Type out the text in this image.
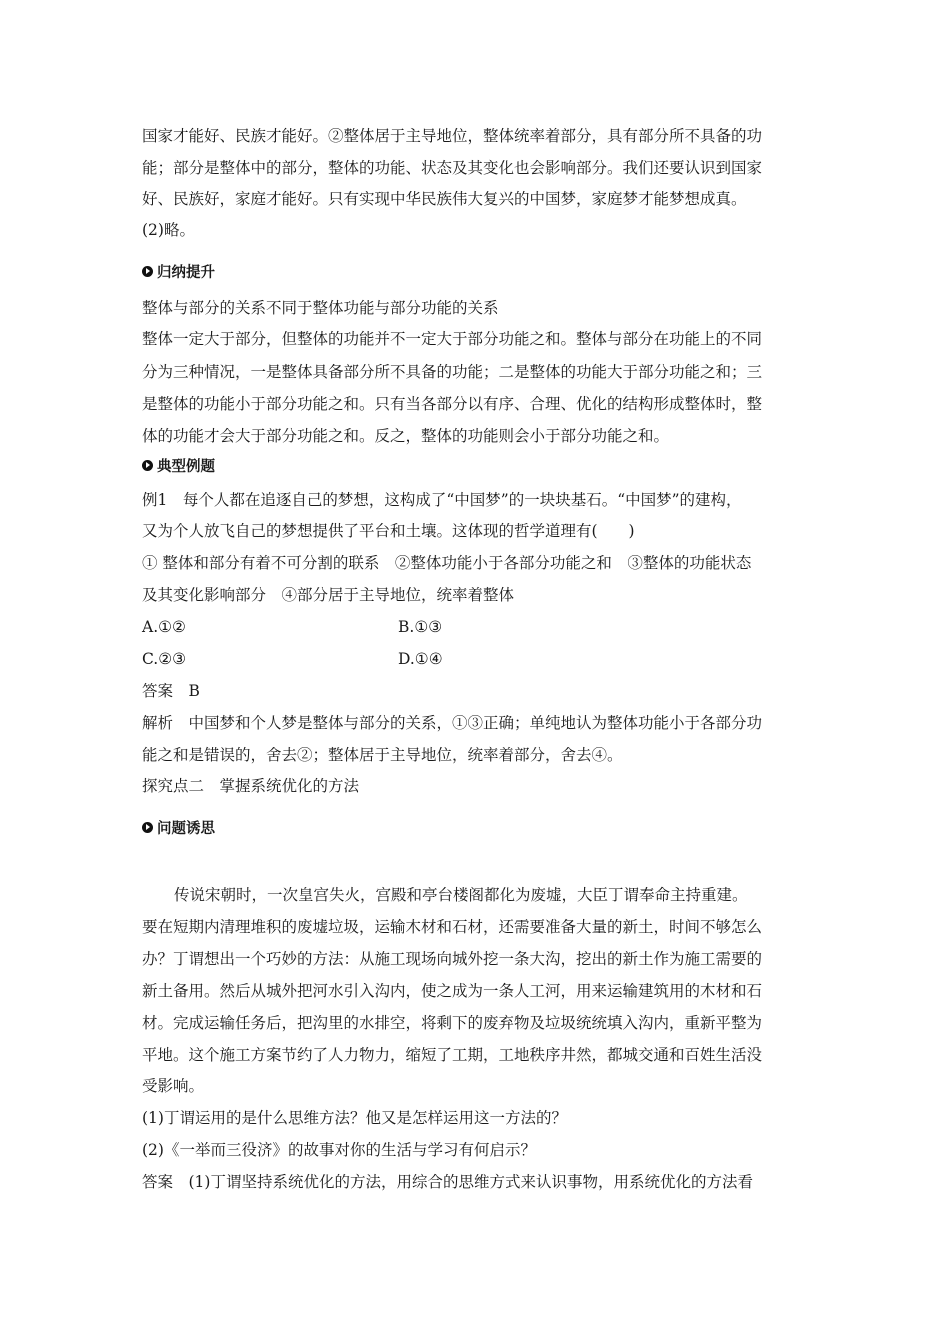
国家才能好、民族才能好。②整体居于主导地位，整体统率着部分，具有部分所不具备的功
能；部分是整体中的部分，整体的功能、状态及其变化也会影响部分。我们还要认识到国家
好、民族好，家庭才能好。只有实现中华民族伟大复兴的中国梦，家庭梦才能梦想成真。
(2)略。
归纳提升
整体与部分的关系不同于整体功能与部分功能的关系
整体一定大于部分，但整体的功能并不一定大于部分功能之和。整体与部分在功能上的不同
分为三种情况，一是整体具备部分所不具备的功能；二是整体的功能大于部分功能之和；三
是整体的功能小于部分功能之和。只有当各部分以有序、合理、优化的结构形成整体时，整
体的功能才会大于部分功能之和。反之，整体的功能则会小于部分功能之和。
典型例题
例1　每个人都在追逐自己的梦想，这构成了“中国梦”的一块块基石。“中国梦”的建构，
又为个人放飞自己的梦想提供了平台和土壤。这体现的哲学道理有(　　)
① 整体和部分有着不可分割的联系　②整体功能小于各部分功能之和　③整体的功能状态
及其变化影响部分　④部分居于主导地位，统率着整体
A.①②	B.①③
C.②③	D.①④
答案　B
解析　中国梦和个人梦是整体与部分的关系，①③正确；单纯地认为整体功能小于各部分功
能之和是错误的，舍去②；整体居于主导地位，统率着部分，舍去④。
探究点二　掌握系统优化的方法
问题诱思
传说宋朝时，一次皇宫失火，宫殿和亭台楼阁都化为废墟，大臣丁谓奉命主持重建。
要在短期内清理堆积的废墟垃圾，运输木材和石材，还需要准备大量的新土，时间不够怎么
办？丁谓想出一个巧妙的方法：从施工现场向城外挖一条大沟，挖出的新土作为施工需要的
新土备用。然后从城外把河水引入沟内，使之成为一条人工河，用来运输建筑用的木材和石
材。完成运输任务后，把沟里的水排空，将剩下的废弃物及垃圾统统填入沟内，重新平整为
平地。这个施工方案节约了人力物力，缩短了工期，工地秩序井然，都城交通和百姓生活没
受影响。
(1)丁谓运用的是什么思维方法？他又是怎样运用这一方法的？
(2)《一举而三役济》的故事对你的生活与学习有何启示？
答案　(1)丁谓坚持系统优化的方法，用综合的思维方式来认识事物，用系统优化的方法看
